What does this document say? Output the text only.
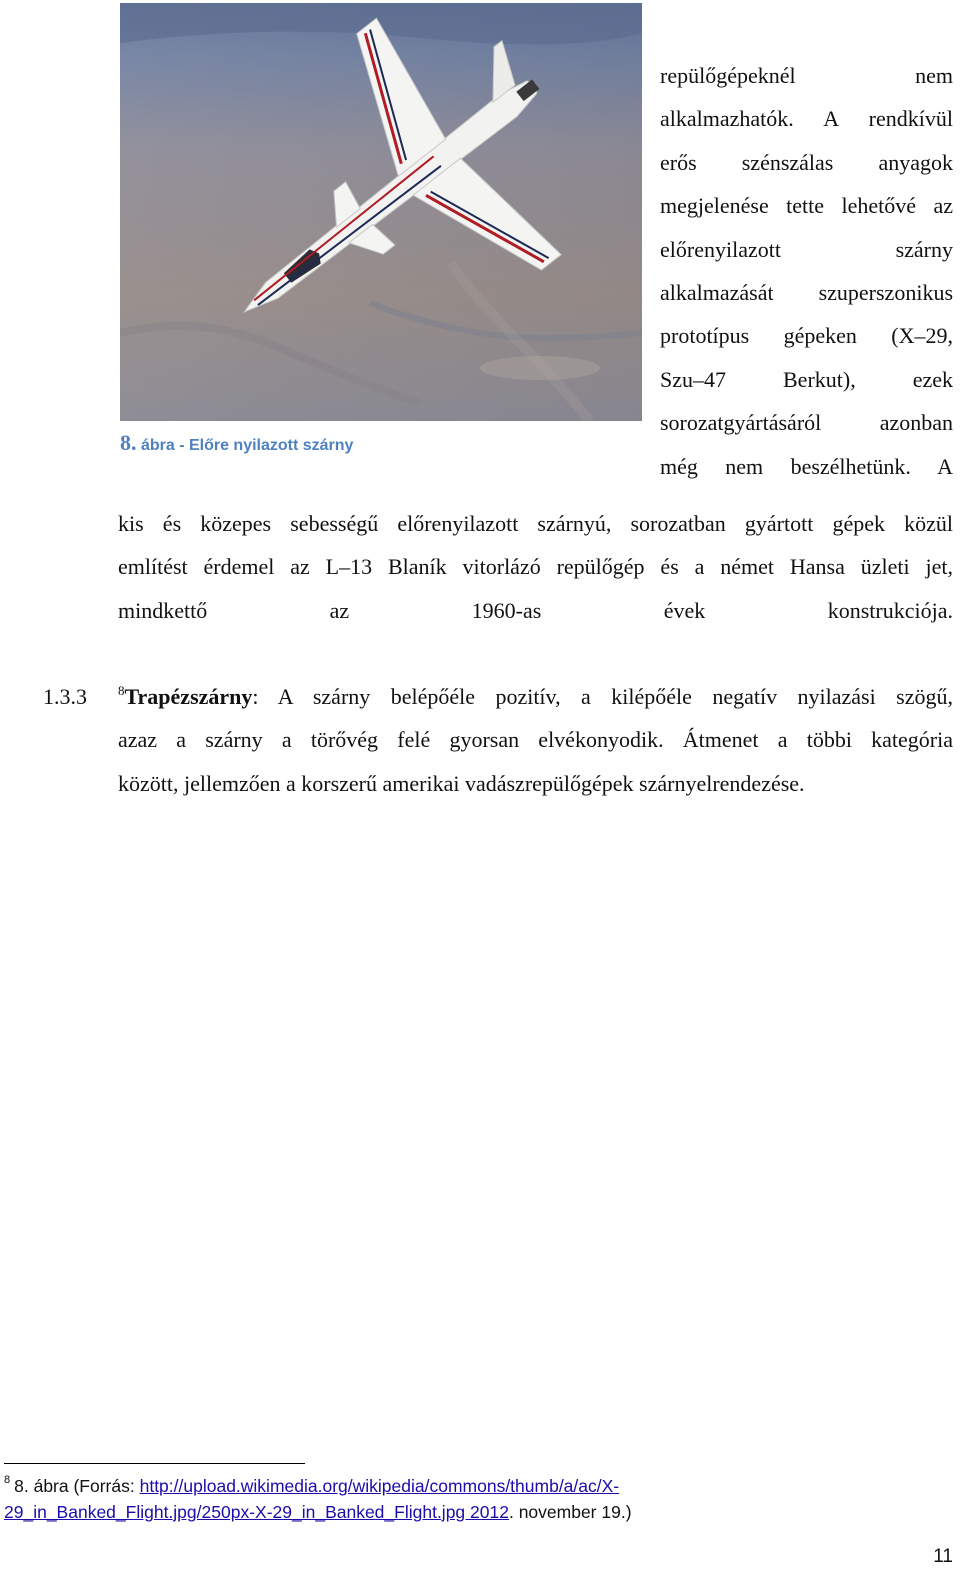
8. ábra - Előre nyilazott szárny
repülőgépeknél nem
alkalmazhatók. A rendkívül
erős szénszálas anyagok
megjelenése tette lehetővé az
előrenyilazott szárny
alkalmazását szuperszonikus
prototípus gépeken (X–29,
Szu–47 Berkut), ezek
sorozatgyártásáról azonban
még nem beszélhetünk. A
kis és közepes sebességű előrenyilazott szárnyú, sorozatban gyártott gépek közül
említést érdemel az L–13 Blaník vitorlázó repülőgép és a német Hansa üzleti jet,
mindkettő az 1960-as évek konstrukciója.
1.3.3 $^8$Trapézszárny: A szárny belépőéle pozitív, a kilépőéle negatív nyilazási szögű,
azaz a szárny a törővég felé gyorsan elvékonyodik. Átmenet a többi kategória
között, jellemzően a korszerű amerikai vadászrepülőgépek szárnyelrendezése.
$^8$ 8. ábra (Forrás: http://upload.wikimedia.org/wikipedia/commons/thumb/a/ac/X-29_in_Banked_Flight.jpg/250px-X-29_in_Banked_Flight.jpg 2012. november 19.)
11
